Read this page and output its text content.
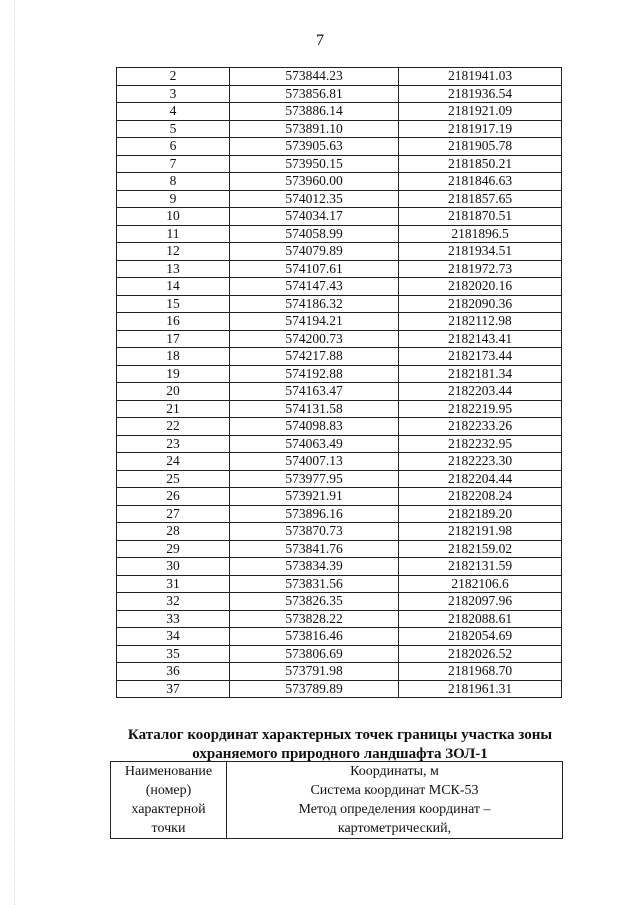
7
2	573844.23	2181941.03
3	573856.81	2181936.54
4	573886.14	2181921.09
5	573891.10	2181917.19
6	573905.63	2181905.78
7	573950.15	2181850.21
8	573960.00	2181846.63
9	574012.35	2181857.65
10	574034.17	2181870.51
11	574058.99	2181896.5
12	574079.89	2181934.51
13	574107.61	2181972.73
14	574147.43	2182020.16
15	574186.32	2182090.36
16	574194.21	2182112.98
17	574200.73	2182143.41
18	574217.88	2182173.44
19	574192.88	2182181.34
20	574163.47	2182203.44
21	574131.58	2182219.95
22	574098.83	2182233.26
23	574063.49	2182232.95
24	574007.13	2182223.30
25	573977.95	2182204.44
26	573921.91	2182208.24
27	573896.16	2182189.20
28	573870.73	2182191.98
29	573841.76	2182159.02
30	573834.39	2182131.59
31	573831.56	2182106.6
32	573826.35	2182097.96
33	573828.22	2182088.61
34	573816.46	2182054.69
35	573806.69	2182026.52
36	573791.98	2181968.70
37	573789.89	2181961.31
Каталог координат характерных точек границы участка зоны
охраняемого природного ландшафта ЗОЛ-1
Наименование
(номер)
характерной
точки

Координаты, м
Система координат МСК-53
Метод определения координат –
картометрический,
